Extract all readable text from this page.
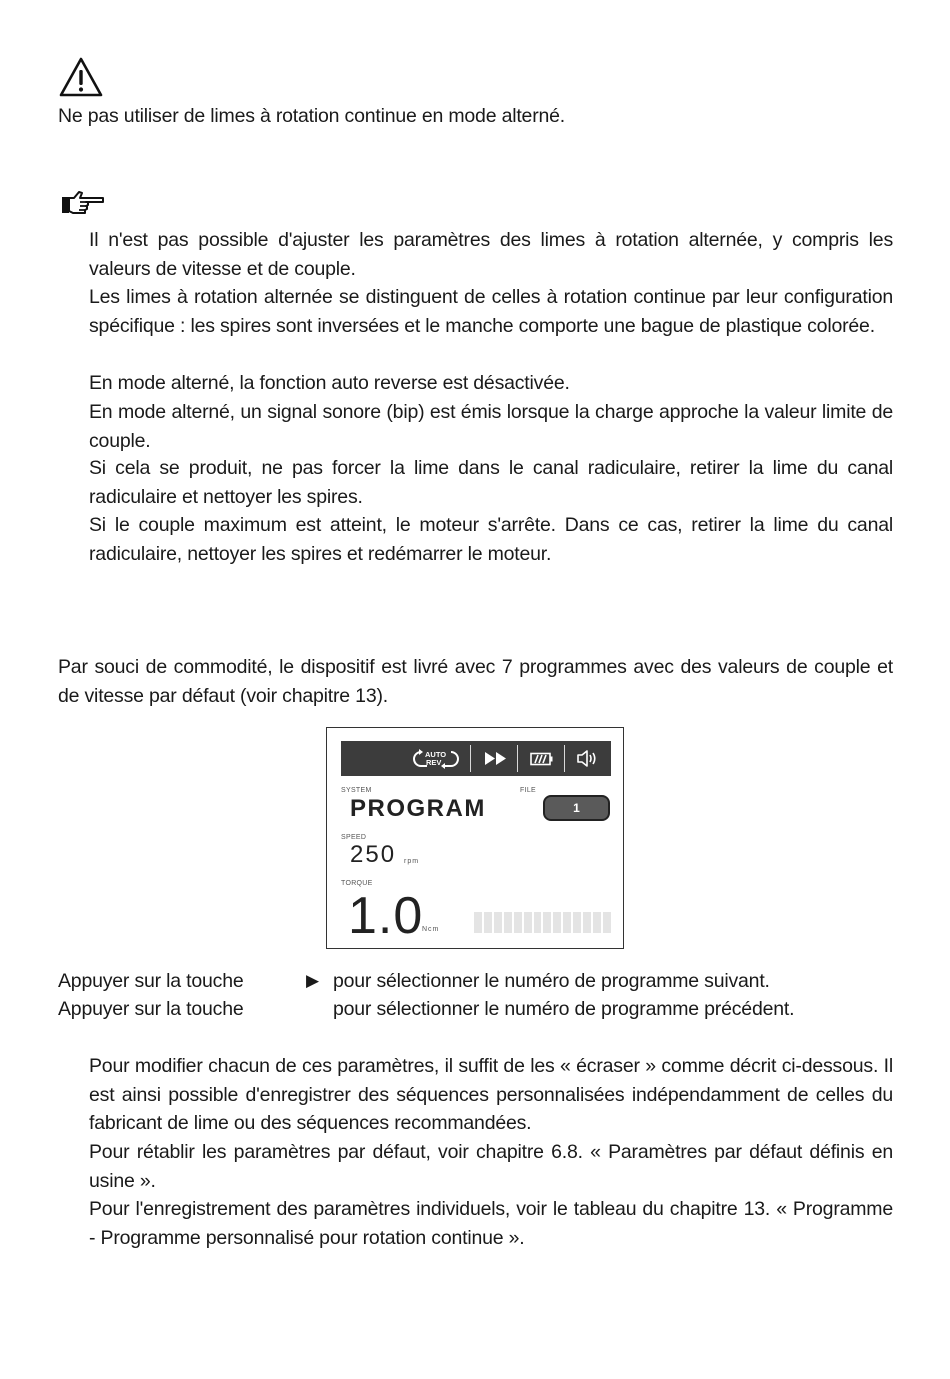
Ne pas utiliser de limes à rotation continue en mode alterné.
Il n'est pas possible d'ajuster les paramètres des limes à rotation alternée, y compris les valeurs de vitesse et de couple.
Les limes à rotation alternée se distinguent de celles à rotation continue par leur configuration spécifique : les spires sont inversées et le manche comporte une bague de plastique colorée.
En mode alterné, la fonction auto reverse est désactivée.
En mode alterné, un signal sonore (bip) est émis lorsque la charge approche la valeur limite de couple.
Si cela se produit, ne pas forcer la lime dans le canal radiculaire, retirer la lime du canal radiculaire et nettoyer les spires.
Si le couple maximum est atteint, le moteur s'arrête. Dans ce cas, retirer la lime du canal radiculaire, nettoyer les spires et redémarrer le moteur.
Par souci de commodité, le dispositif est livré avec 7 programmes avec des valeurs de couple et de vitesse par défaut (voir chapitre 13).
AUTO
REV
SYSTEM	FILE
PROGRAM	1
SPEED
250 rpm
TORQUE
1.0
Ncm
Appuyer sur la touche	▶ pour sélectionner le numéro de programme suivant.
Appuyer sur la touche	pour sélectionner le numéro de programme précédent.
Pour modifier chacun de ces paramètres, il suffit de les « écraser » comme décrit ci-dessous. Il est ainsi possible d'enregistrer des séquences personnalisées indépendamment de celles du fabricant de lime ou des séquences recommandées.
Pour rétablir les paramètres par défaut, voir chapitre 6.8. « Paramètres par défaut définis en usine ».
Pour l'enregistrement des paramètres individuels, voir le tableau du chapitre 13. « Programme - Programme personnalisé pour rotation continue ».
